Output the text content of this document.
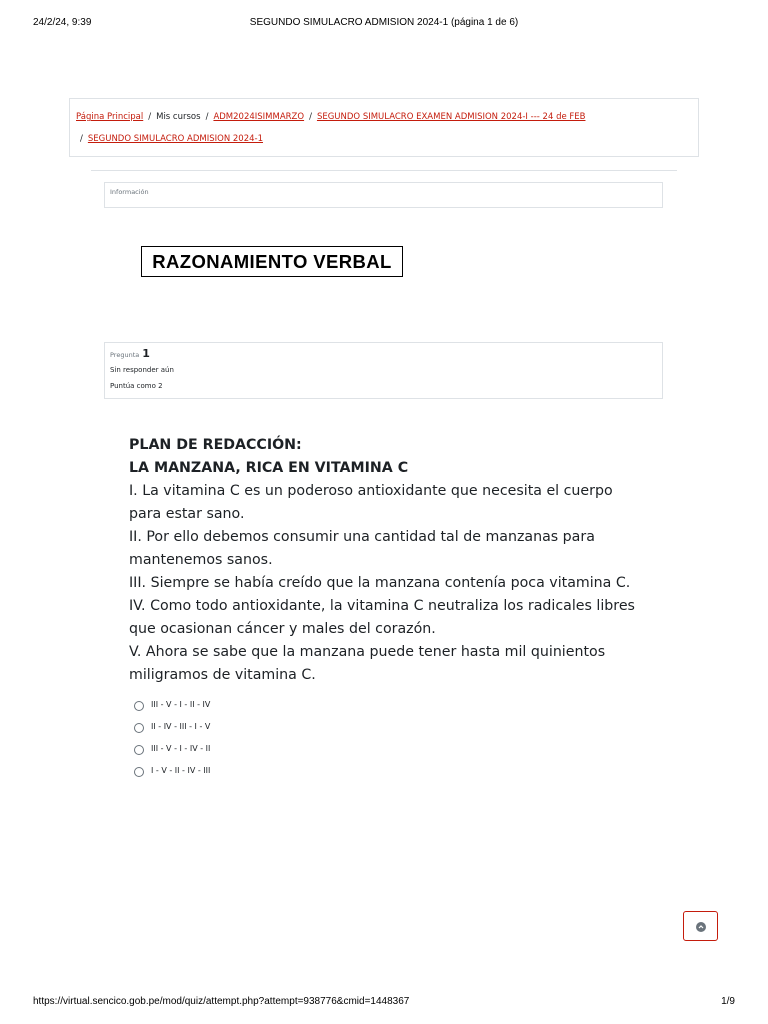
24/2/24, 9:39	SEGUNDO SIMULACRO ADMISION 2024-1 (página 1 de 6)
Página Principal / Mis cursos / ADM2024ISIMMARZO / SEGUNDO SIMULACRO EXAMEN ADMISION 2024-I --- 24 de FEB
/ SEGUNDO SIMULACRO ADMISION 2024-1
Información
RAZONAMIENTO VERBAL
Pregunta 1
Sin responder aún
Puntúa como 2
PLAN DE REDACCIÓN:
LA MANZANA, RICA EN VITAMINA C
I. La vitamina C es un poderoso antioxidante que necesita el cuerpo
para estar sano.
II. Por ello debemos consumir una cantidad tal de manzanas para
mantenemos sanos.
III. Siempre se había creído que la manzana contenía poca vitamina C.
IV. Como todo antioxidante, la vitamina C neutraliza los radicales libres
que ocasionan cáncer y males del corazón.
V. Ahora se sabe que la manzana puede tener hasta mil quinientos
miligramos de vitamina C.
III - V - I - II - IV
II - IV - III - I - V
III - V - I - IV - II
I - V - II - IV - III
https://virtual.sencico.gob.pe/mod/quiz/attempt.php?attempt=938776&cmid=1448367	1/9
